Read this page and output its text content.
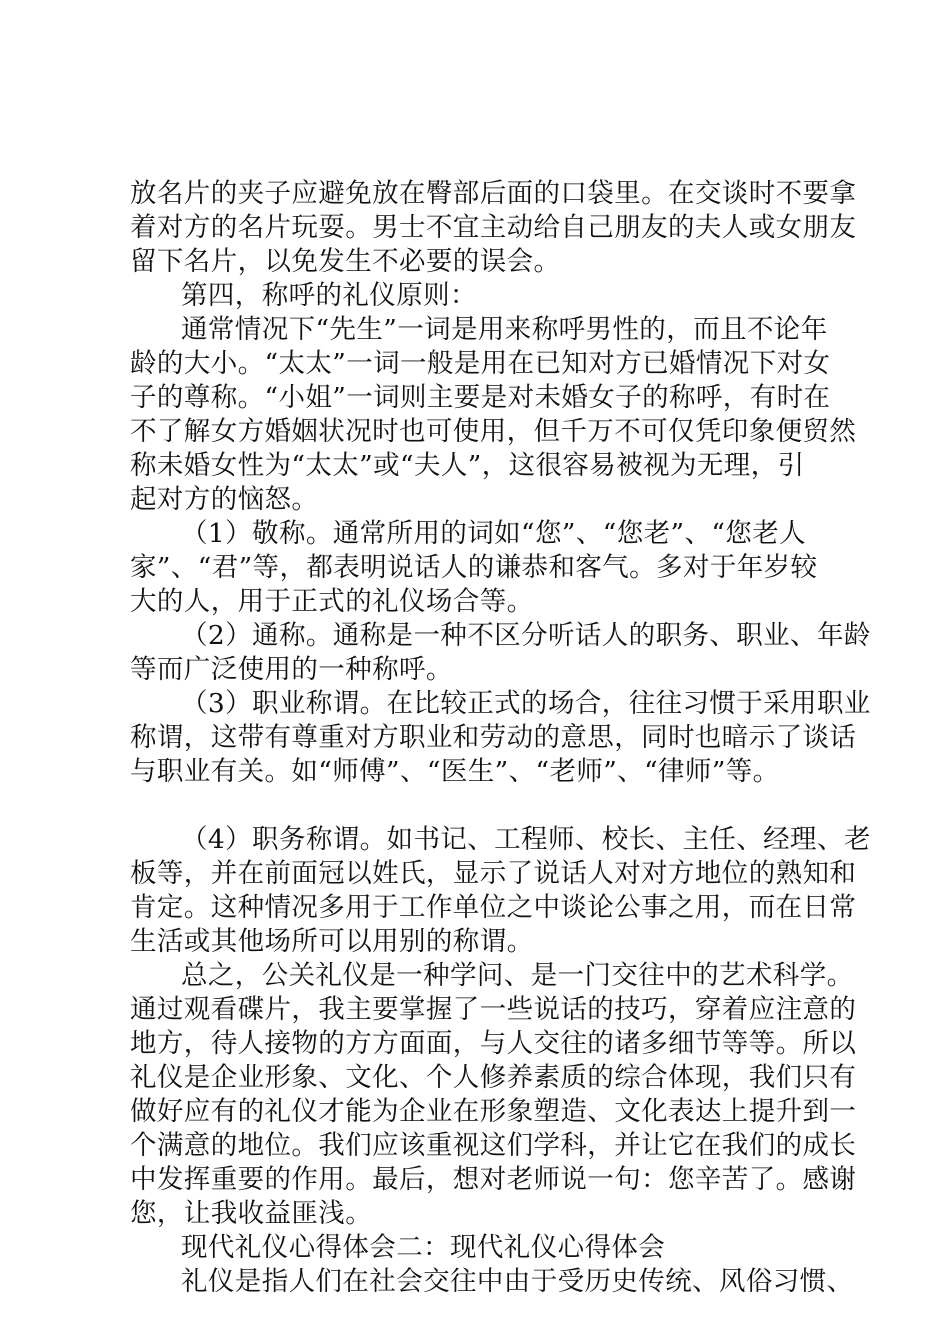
放名片的夹子应避免放在臀部后面的口袋里。在交谈时不要拿
着对方的名片玩耍。男士不宜主动给自己朋友的夫人或女朋友
留下名片，以免发生不必要的误会。
第四，称呼的礼仪原则：
通常情况下“先生”一词是用来称呼男性的，而且不论年
龄的大小。“太太”一词一般是用在已知对方已婚情况下对女
子的尊称。“小姐”一词则主要是对未婚女子的称呼，有时在
不了解女方婚姻状况时也可使用，但千万不可仅凭印象便贸然
称未婚女性为“太太”或“夫人”，这很容易被视为无理，引
起对方的恼怒。
（1）敬称。通常所用的词如“您”、“您老”、“您老人
家”、“君”等，都表明说话人的谦恭和客气。多对于年岁较
大的人，用于正式的礼仪场合等。
（2）通称。通称是一种不区分听话人的职务、职业、年龄
等而广泛使用的一种称呼。
（3）职业称谓。在比较正式的场合，往往习惯于采用职业
称谓，这带有尊重对方职业和劳动的意思，同时也暗示了谈话
与职业有关。如“师傅”、“医生”、“老师”、“律师”等。
（4）职务称谓。如书记、工程师、校长、主任、经理、老
板等，并在前面冠以姓氏，显示了说话人对对方地位的熟知和
肯定。这种情况多用于工作单位之中谈论公事之用，而在日常
生活或其他场所可以用别的称谓。
总之，公关礼仪是一种学问、是一门交往中的艺术科学。
通过观看碟片，我主要掌握了一些说话的技巧，穿着应注意的
地方，待人接物的方方面面，与人交往的诸多细节等等。所以
礼仪是企业形象、文化、个人修养素质的综合体现，我们只有
做好应有的礼仪才能为企业在形象塑造、文化表达上提升到一
个满意的地位。我们应该重视这们学科，并让它在我们的成长
中发挥重要的作用。最后，想对老师说一句：您辛苦了。感谢
您，让我收益匪浅。
现代礼仪心得体会二：现代礼仪心得体会
礼仪是指人们在社会交往中由于受历史传统、风俗习惯、
